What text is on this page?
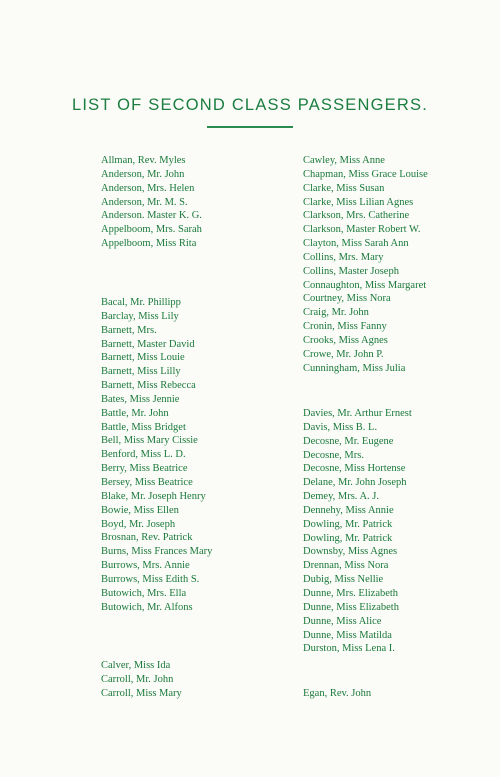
LIST OF SECOND CLASS PASSENGERS.
Allman, Rev. Myles
Anderson, Mr. John
Anderson, Mrs. Helen
Anderson, Mr. M. S.
Anderson. Master K. G.
Appelboom, Mrs. Sarah
Appelboom, Miss Rita
Bacal, Mr. Phillipp
Barclay, Miss Lily
Barnett, Mrs.
Barnett, Master David
Barnett, Miss Louie
Barnett, Miss Lilly
Barnett, Miss Rebecca
Bates, Miss Jennie
Battle, Mr. John
Battle, Miss Bridget
Bell, Miss Mary Cissie
Benford, Miss L. D.
Berry, Miss Beatrice
Bersey, Miss Beatrice
Blake, Mr. Joseph Henry
Bowie, Miss Ellen
Boyd, Mr. Joseph
Brosnan, Rev. Patrick
Burns, Miss Frances Mary
Burrows, Mrs. Annie
Burrows, Miss Edith S.
Butowich, Mrs. Ella
Butowich, Mr. Alfons
Calver, Miss Ida
Carroll, Mr. John
Carroll, Miss Mary
Cawley, Miss Anne
Chapman, Miss Grace Louise
Clarke, Miss Susan
Clarke, Miss Lilian Agnes
Clarkson, Mrs. Catherine
Clarkson, Master Robert W.
Clayton, Miss Sarah Ann
Collins, Mrs. Mary
Collins, Master Joseph
Connaughton, Miss Margaret
Courtney, Miss Nora
Craig, Mr. John
Cronin, Miss Fanny
Crooks, Miss Agnes
Crowe, Mr. John P.
Cunningham, Miss Julia
Davies, Mr. Arthur Ernest
Davis, Miss B. L.
Decosne, Mr. Eugene
Decosne, Mrs.
Decosne, Miss Hortense
Delane, Mr. John Joseph
Demey, Mrs. A. J.
Dennehy, Miss Annie
Dowling, Mr. Patrick
Dowling, Mr. Patrick
Downsby, Miss Agnes
Drennan, Miss Nora
Dubig, Miss Nellie
Dunne, Mrs. Elizabeth
Dunne, Miss Elizabeth
Dunne, Miss Alice
Dunne, Miss Matilda
Durston, Miss Lena I.
Egan, Rev. John
